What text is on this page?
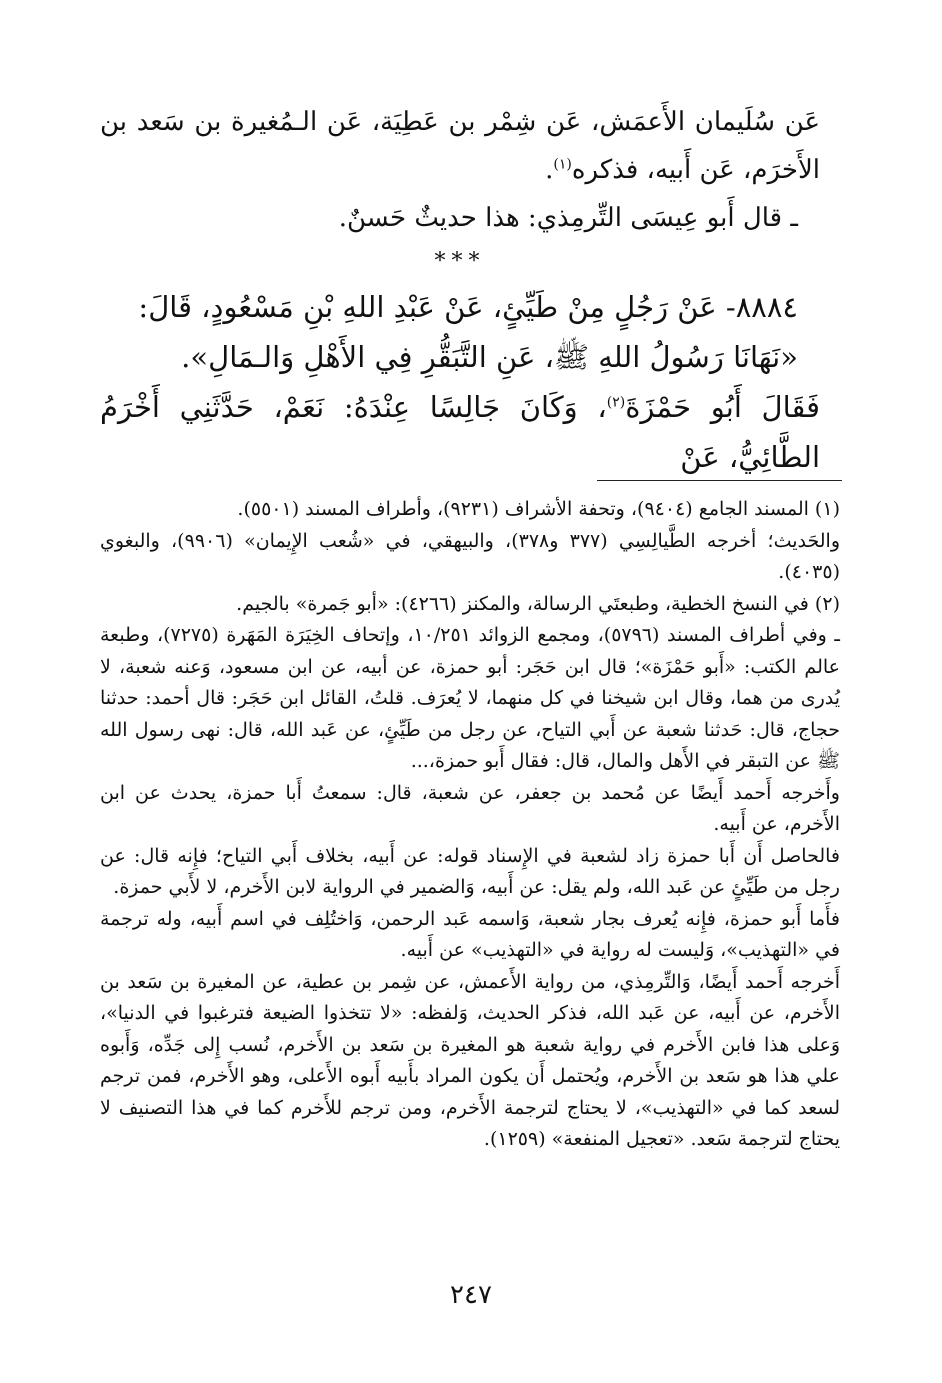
عَن سُلَيمان الأَعمَش، عَن شِمْر بن عَطِيَة، عَن الـمُغيرة بن سَعد بن الأَخرَم، عَن أَبيه، فذكره$^{(١)}$.

ـ قال أَبو عِيسَى التِّرمِذي: هذا حديثٌ حَسنٌ.

***

٨٨٨٤- عَنْ رَجُلٍ مِنْ طَيِّئٍ، عَنْ عَبْدِ اللهِ بْنِ مَسْعُودٍ، قَالَ:

«نَهَانَا رَسُولُ اللهِ ﷺ، عَنِ التَّبَقُّرِ فِي الأَهْلِ وَالـمَالِ».

فَقَالَ أَبُو حَمْزَةَ$^{(٢)}$، وَكَانَ جَالِسًا عِنْدَهُ: نَعَمْ، حَدَّثَنِي أَخْرَمُ الطَّائِيُّ، عَنْ

(١) المسند الجامع (٩٤٠٤)، وتحفة الأشراف (٩٢٣١)، وأطراف المسند (٥٥٠١).

والحَديث؛ أخرجه الطَّيالِسِي (٣٧٧ و٣٧٨)، والبيهقي، في «شُعب الإِيمان» (٩٩٠٦)، والبغوي (٤٠٣٥).

(٢) في النسخ الخطية، وطبعتَي الرسالة، والمكنز (٤٢٦٦): «أبو جَمرة» بالجيم.

ـ وفي أطراف المسند (٥٧٩٦)، ومجمع الزوائد ١٠/٢٥١، وإتحاف الخِيَرَة المَهَرة (٧٢٧٥)، وطبعة عالم الكتب: «أَبو حَمْزَة»؛ قال ابن حَجَر: أبو حمزة، عن أبيه، عن ابن مسعود، وَعنه شعبة، لا يُدرى من هما، وقال ابن شيخنا في كل منهما، لا يُعرَف. قلتُ، القائل ابن حَجَر: قال أحمد: حدثنا حجاج، قال: حَدثنا شعبة عن أَبي التياح، عن رجل من طَيِّئٍ، عن عَبد الله، قال: نهى رسول الله ﷺ عن التبقر في الأَهل والمال، قال: فقال أَبو حمزة،...

وأَخرجه أَحمد أَيضًا عن مُحمد بن جعفر، عن شعبة، قال: سمعتُ أَبا حمزة، يحدث عن ابن الأَخرم، عن أَبيه.

فالحاصل أَن أَبا حمزة زاد لشعبة في الإِسناد قوله: عن أَبيه، بخلاف أَبي التياح؛ فإِنه قال: عن رجل من طَيِّئٍ عن عَبد الله، ولم يقل: عن أَبيه، وَالضمير في الرواية لابن الأَخرم، لا لأَبي حمزة.

فأَما أَبو حمزة، فإِنه يُعرف بجار شعبة، وَاسمه عَبد الرحمن، وَاختُلِف في اسم أَبيه، وله ترجمة في «التهذيب»، وَليست له رواية في «التهذيب» عن أَبيه.

أَخرجه أَحمد أَيضًا، وَالتِّرمِذي، من رواية الأَعمش، عن شِمر بن عطية، عن المغيرة بن سَعد بن الأَخرم، عن أَبيه، عن عَبد الله، فذكر الحديث، وَلفظه: «لا تتخذوا الضيعة فترغبوا في الدنيا»، وَعلى هذا فابن الأَخرم في رواية شعبة هو المغيرة بن سَعد بن الأَخرم، نُسب إِلى جَدِّه، وَأَبوه علي هذا هو سَعد بن الأَخرم، ويُحتمل أَن يكون المراد بأَبيه أَبوه الأَعلى، وهو الأَخرم، فمن ترجم لسعد كما في «التهذيب»، لا يحتاج لترجمة الأَخرم، ومن ترجم للأَخرم كما في هذا التصنيف لا يحتاج لترجمة سَعد. «تعجيل المنفعة» (١٢٥٩).

٢٤٧
